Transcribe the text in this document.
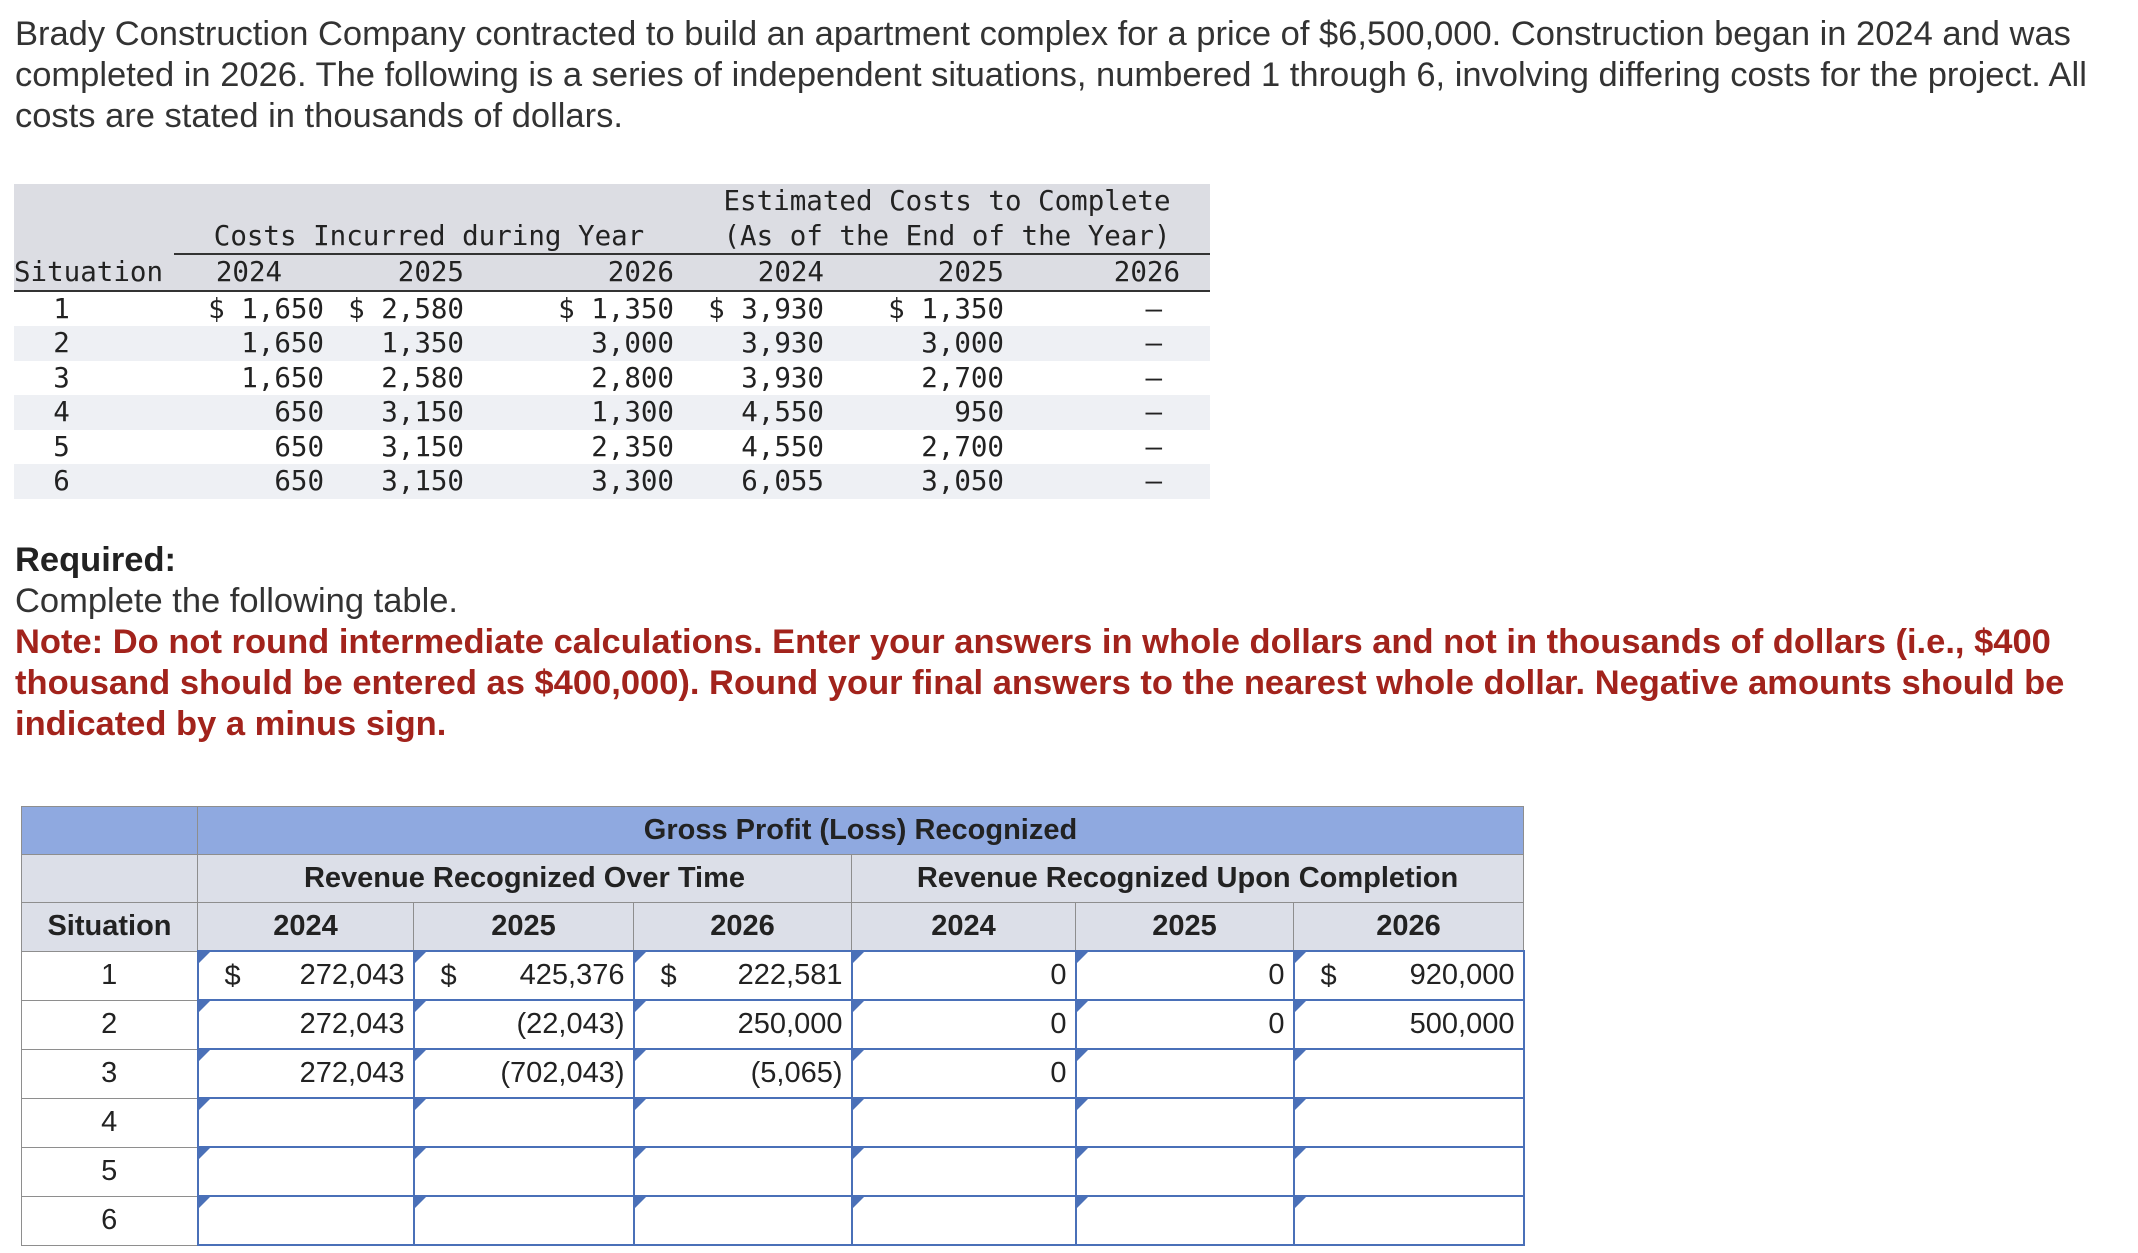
Brady Construction Company contracted to build an apartment complex for a price of $6,500,000. Construction began in 2024 and was completed in 2026. The following is a series of independent situations, numbered 1 through 6, involving differing costs for the project. All costs are stated in thousands of dollars.
				Estimated Costs to Complete		
	Costs Incurred during Year			(As of the End of the Year)		
Situation	2024	2025	2026	2024	2025	2026
1	$ 1,650	$ 2,580	$ 1,350	$ 3,930	$ 1,350	—
2	1,650	1,350	3,000	3,930	3,000	—
3	1,650	2,580	2,800	3,930	2,700	—
4	650	3,150	1,300	4,550	950	—
5	650	3,150	2,350	4,550	2,700	—
6	650	3,150	3,300	6,055	3,050	—
Required:
Complete the following table.
Note: Do not round intermediate calculations. Enter your answers in whole dollars and not in thousands of dollars (i.e., $400 thousand should be entered as $400,000). Round your final answers to the nearest whole dollar. Negative amounts should be indicated by a minus sign.
	Gross Profit (Loss) Recognized					
	Revenue Recognized Over Time			Revenue Recognized Upon Completion		
Situation	2024	2025	2026	2024	2025	2026
1	$ 272,043	$ 425,376	$ 222,581	0	0	$ 920,000
2	272,043	(22,043)	250,000	0	0	500,000
3	272,043	(702,043)	(5,065)	0		
4						
5						
6						
